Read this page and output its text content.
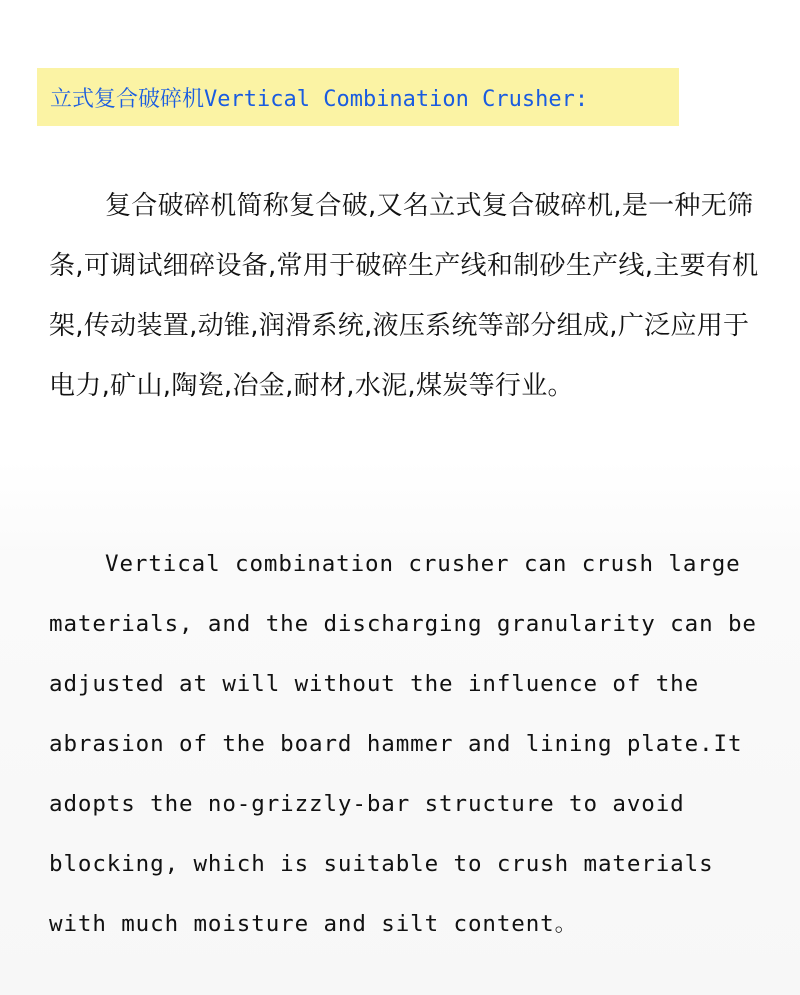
立式复合破碎机Vertical Combination Crusher:

复合破碎机简称复合破,又名立式复合破碎机,是一种无筛条,可调试细碎设备,常用于破碎生产线和制砂生产线,主要有机架,传动装置,动锥,润滑系统,液压系统等部分组成,广泛应用于电力,矿山,陶瓷,冶金,耐材,水泥,煤炭等行业。

Vertical combination crusher can crush large materials, and the discharging granularity can be adjusted at will without the influence of the abrasion of the board hammer and lining plate.It adopts the no-grizzly-bar structure to avoid blocking, which is suitable to crush materials with much moisture and silt content。
